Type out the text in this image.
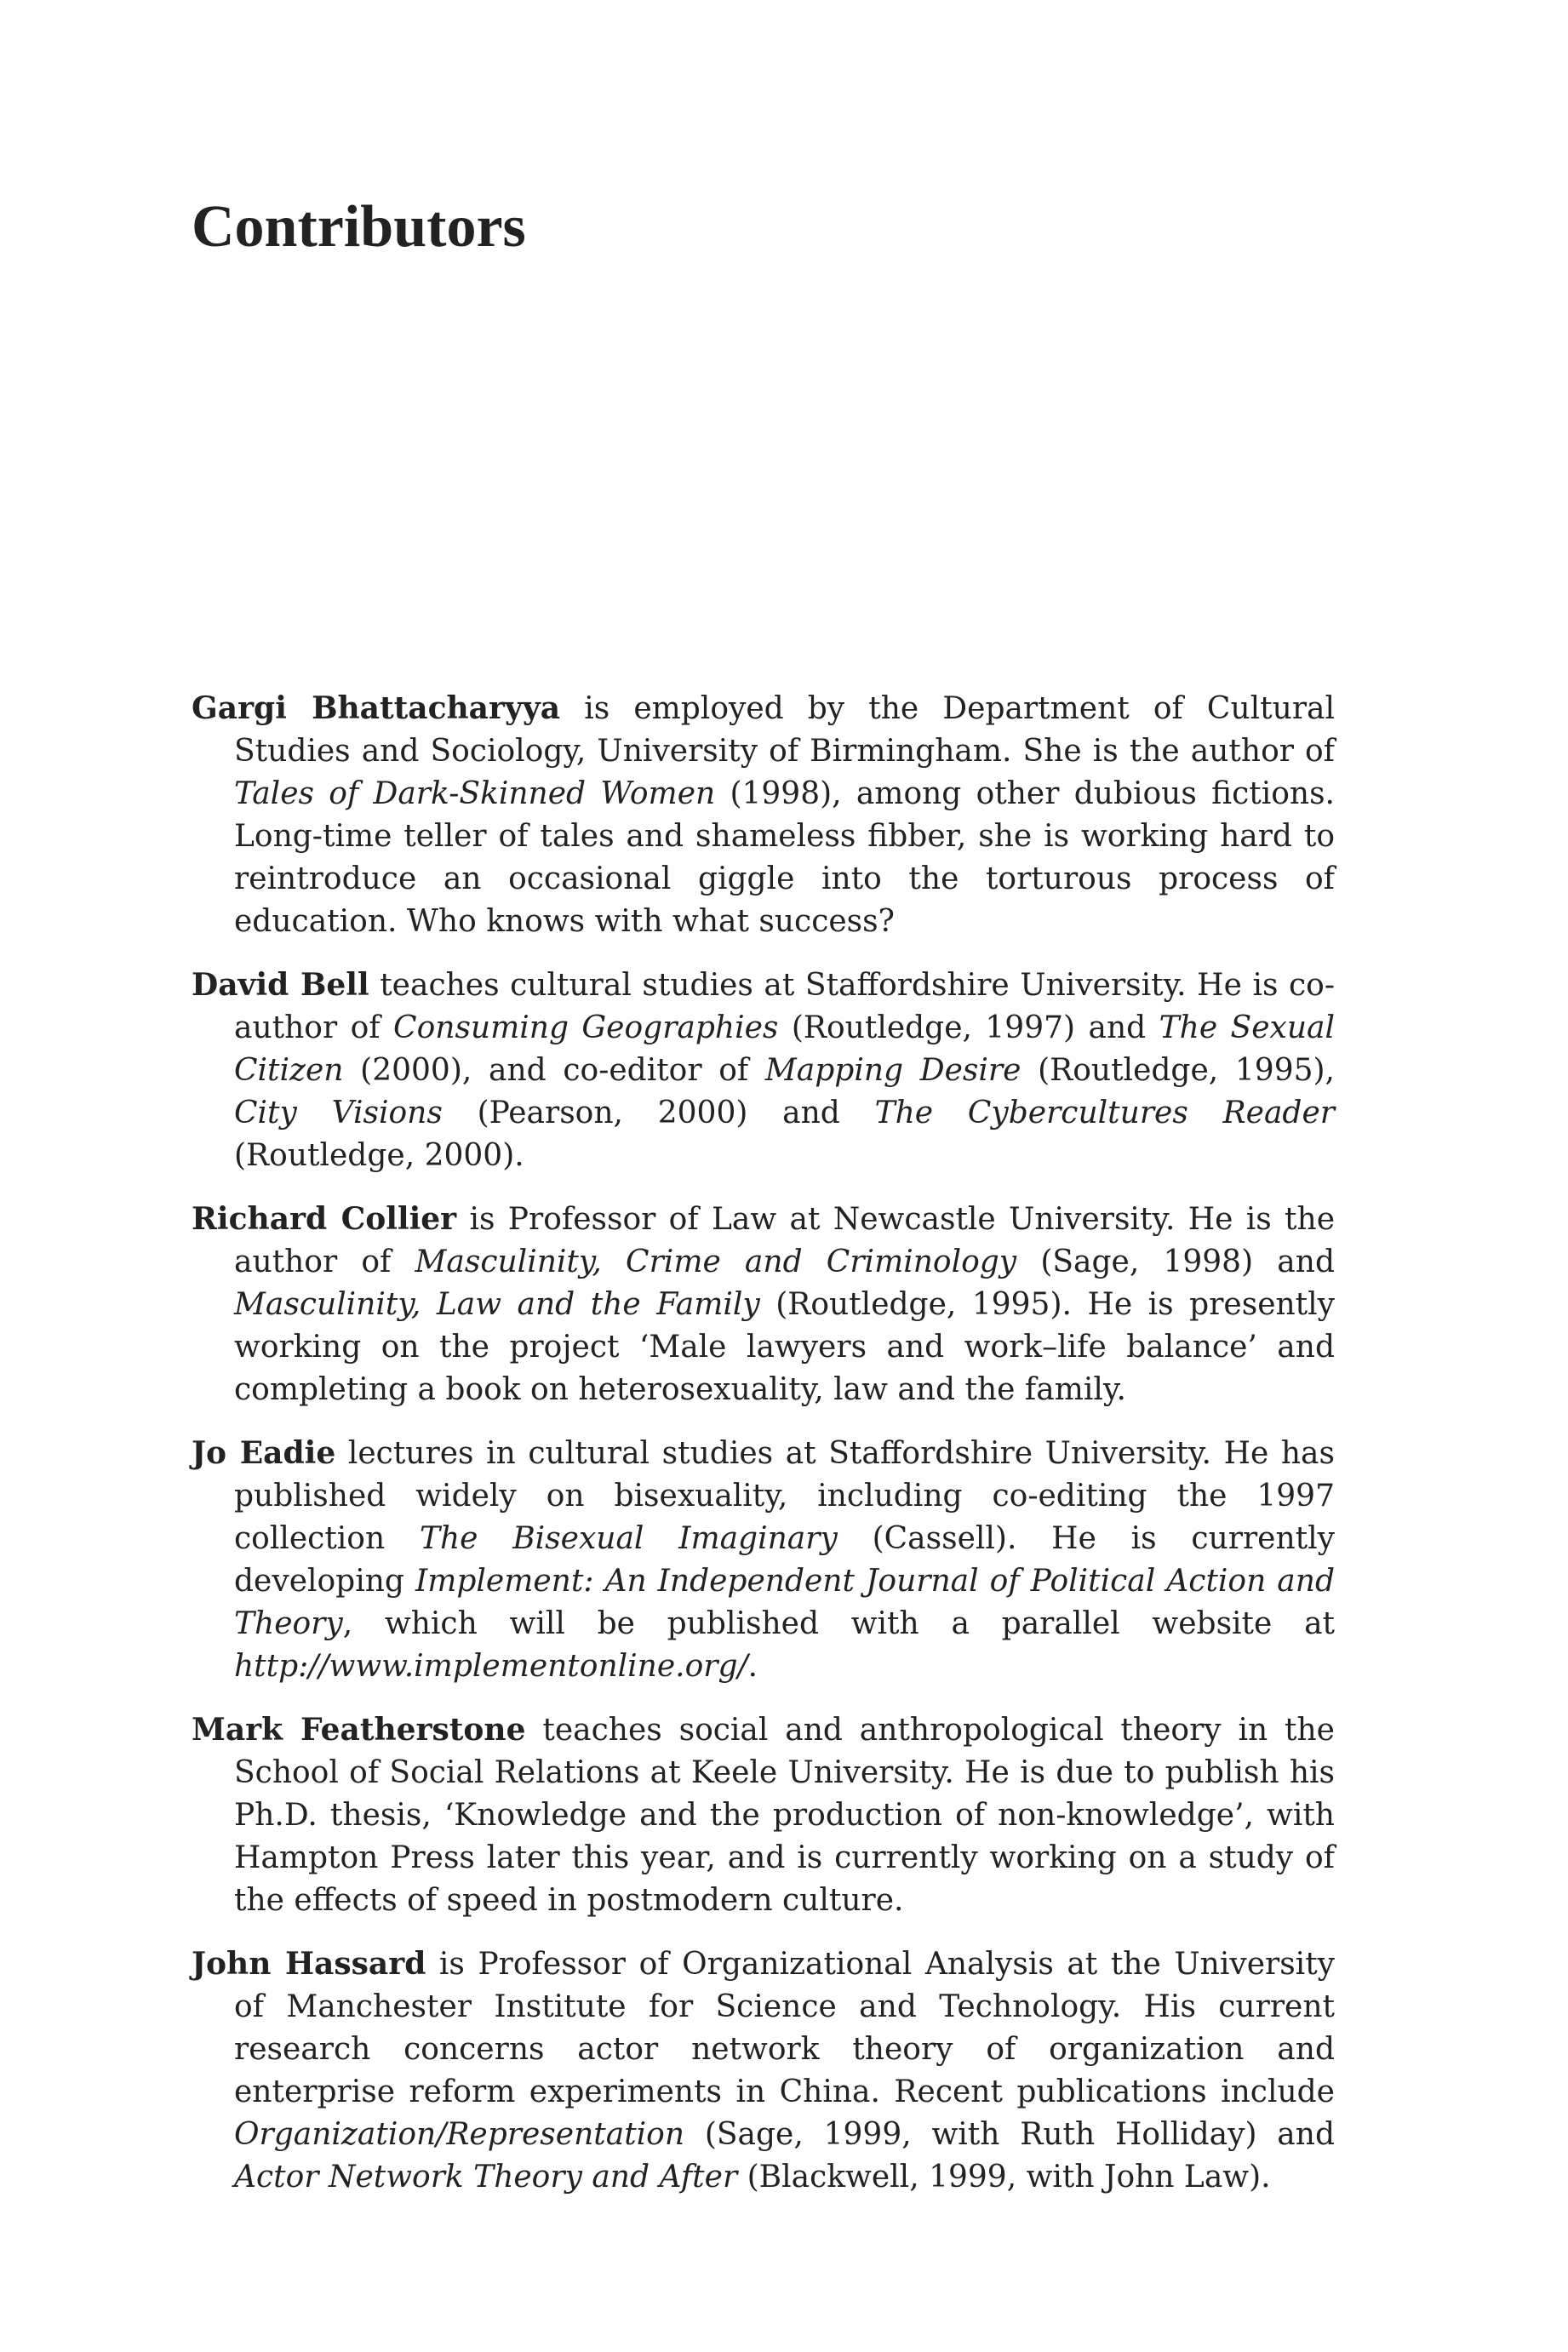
Contributors

Gargi Bhattacharyya is employed by the Department of Cultural Studies and Sociology, University of Birmingham. She is the author of Tales of Dark-Skinned Women (1998), among other dubious fictions. Long-time teller of tales and shameless fibber, she is working hard to reintroduce an occasional giggle into the torturous process of education. Who knows with what success?

David Bell teaches cultural studies at Staffordshire University. He is co-author of Consuming Geographies (Routledge, 1997) and The Sexual Citizen (2000), and co-editor of Mapping Desire (Routledge, 1995), City Visions (Pearson, 2000) and The Cybercultures Reader (Routledge, 2000).

Richard Collier is Professor of Law at Newcastle University. He is the author of Masculinity, Crime and Criminology (Sage, 1998) and Masculinity, Law and the Family (Routledge, 1995). He is presently working on the project ‘Male lawyers and work–life balance’ and completing a book on heterosexuality, law and the family.

Jo Eadie lectures in cultural studies at Staffordshire University. He has published widely on bisexuality, including co-editing the 1997 collection The Bisexual Imaginary (Cassell). He is currently developing Implement: An Independent Journal of Political Action and Theory, which will be published with a parallel website at http://www.implementonline.org/.

Mark Featherstone teaches social and anthropological theory in the School of Social Relations at Keele University. He is due to publish his Ph.D. thesis, ‘Knowledge and the production of non-knowledge’, with Hampton Press later this year, and is currently working on a study of the effects of speed in postmodern culture.

John Hassard is Professor of Organizational Analysis at the University of Manchester Institute for Science and Technology. His current research concerns actor network theory of organization and enterprise reform experiments in China. Recent publications include Organization/Representation (Sage, 1999, with Ruth Holliday) and Actor Network Theory and After (Blackwell, 1999, with John Law).
